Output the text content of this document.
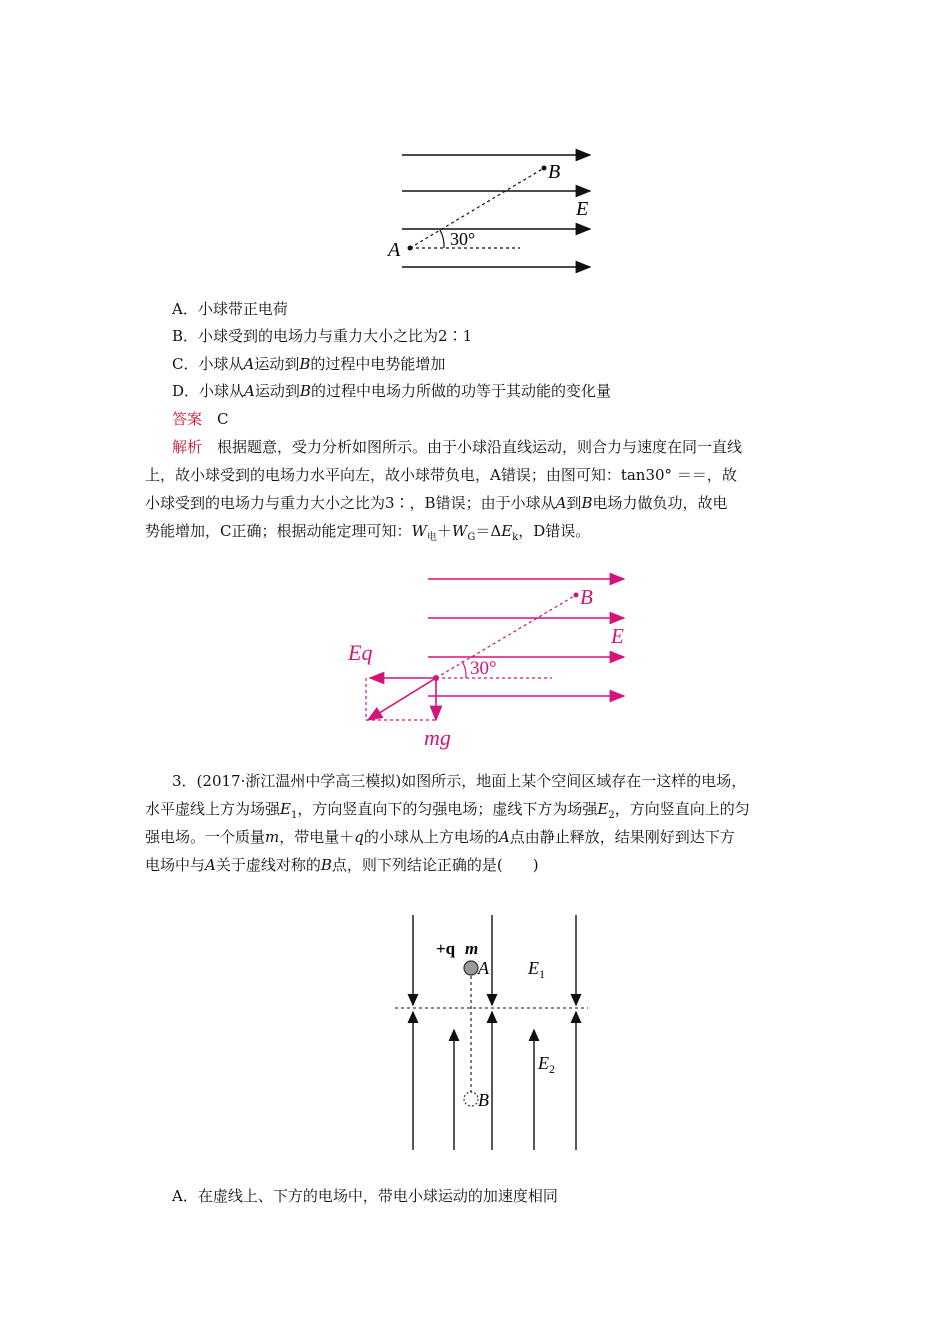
B
E
A	30°
A．小球带正电荷
B．小球受到的电场力与重力大小之比为2∶1
C．小球从A运动到B的过程中电势能增加
D．小球从A运动到B的过程中电场力所做的功等于其动能的变化量
答案　 C
解析　 根据题意，受力分析如图所示。由于小球沿直线运动，则合力与速度在同一直线
上，故小球受到的电场力水平向左，故小球带负电，A错误；由图可知：tan30° ＝＝，故
小球受到的电场力与重力大小之比为3∶，B错误；由于小球从A到B电场力做负功，故电
势能增加，C正确；根据动能定理可知：$W_电+W_G=\Delta E_k$，D错误。
B
E
Eq
30°
mg
3．(2017·浙江温州中学高三模拟)如图所示，地面上某个空间区域存在一这样的电场，
水平虚线上方为场强$E_1$，方向竖直向下的匀强电场；虚线下方为场强$E_2$，方向竖直向上的匀
强电场。一个质量m，带电量＋q的小球从上方电场的A点由静止释放，结果刚好到达下方
电场中与A关于虚线对称的B点，则下列结论正确的是(　　)
+q m
A $E_1$
$E_2$
B
A．在虚线上、下方的电场中，带电小球运动的加速度相同
